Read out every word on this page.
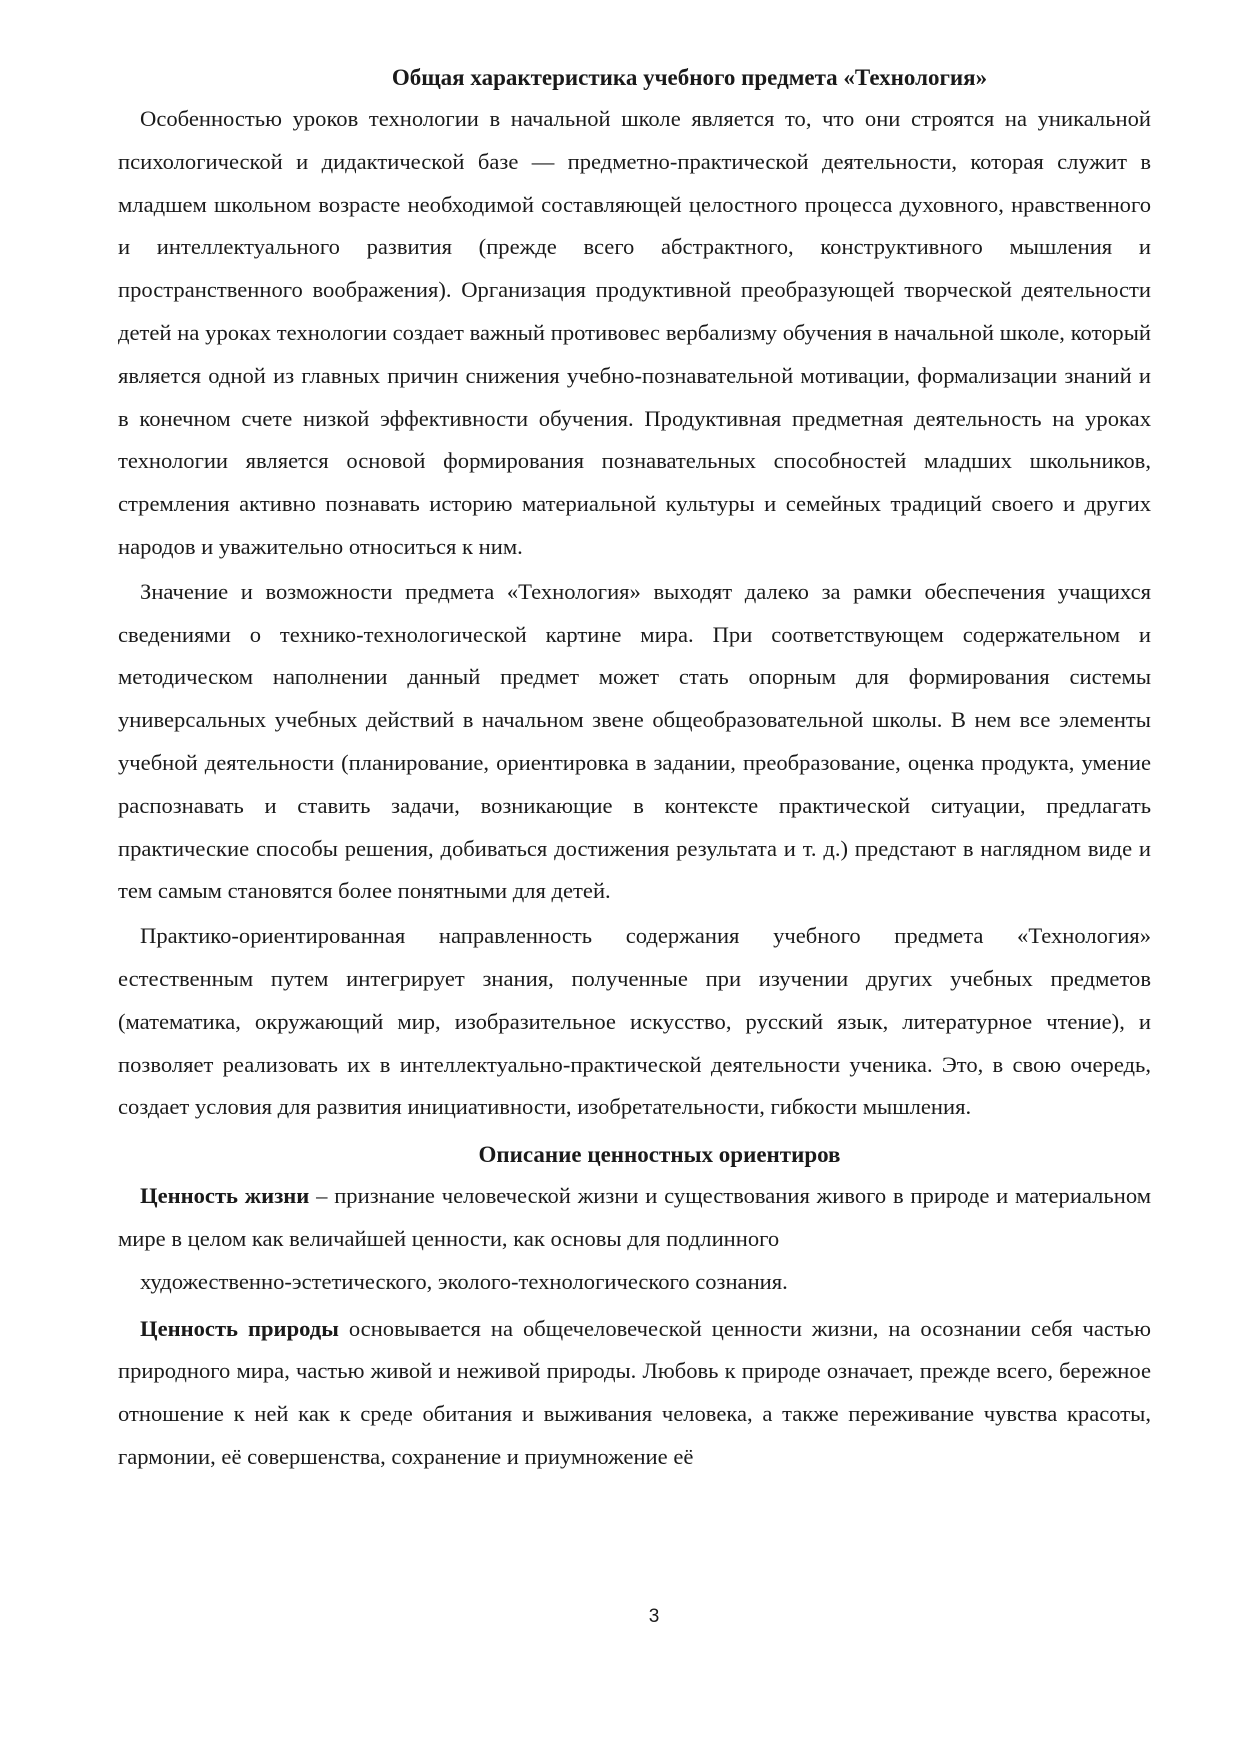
Общая характеристика учебного предмета «Технология»

Особенностью уроков технологии в начальной школе является то, что они строятся на уникальной психологической и дидактической базе — предметно-практической деятельности, которая служит в младшем школьном возрасте необходимой составляющей целостного процесса духовного, нравственного и интеллектуального развития (прежде всего абстрактного, конструктивного мышления и пространственного воображения). Организация продуктивной преобразующей творческой деятельности детей на уроках технологии создает важный противовес вербализму обучения в начальной школе, который является одной из главных причин снижения учебно-познавательной мотивации, формализации знаний и в конечном счете низкой эффективности обучения. Продуктивная предметная деятельность на уроках технологии является основой формирования познавательных способностей младших школьников, стремления активно познавать историю материальной культуры и семейных традиций своего и других народов и уважительно относиться к ним.

Значение и возможности предмета «Технология» выходят далеко за рамки обеспечения учащихся сведениями о технико-технологической картине мира. При соответствующем содержательном и методическом наполнении данный предмет может стать опорным для формирования системы универсальных учебных действий в начальном звене общеобразовательной школы. В нем все элементы учебной деятельности (планирование, ориентировка в задании, преобразование, оценка продукта, умение распознавать и ставить задачи, возникающие в контексте практической ситуации, предлагать практические способы решения, добиваться достижения результата и т. д.) предстают в наглядном виде и тем самым становятся более понятными для детей.

Практико-ориентированная направленность содержания учебного предмета «Технология» естественным путем интегрирует знания, полученные при изучении других учебных предметов (математика, окружающий мир, изобразительное искусство, русский язык, литературное чтение), и позволяет реализовать их в интеллектуально-практической деятельности ученика. Это, в свою очередь, создает условия для развития инициативности, изобретательности, гибкости мышления.

Описание ценностных ориентиров

Ценность жизни – признание человеческой жизни и существования живого в природе и материальном мире в целом как величайшей ценности, как основы для подлинного

художественно-эстетического, эколого-технологического сознания.

Ценность природы основывается на общечеловеческой ценности жизни, на осознании себя частью природного мира, частью живой и неживой природы. Любовь к природе означает, прежде всего, бережное отношение к ней как к среде обитания и выживания человека, а также переживание чувства красоты, гармонии, её совершенства, сохранение и приумножение её

3
